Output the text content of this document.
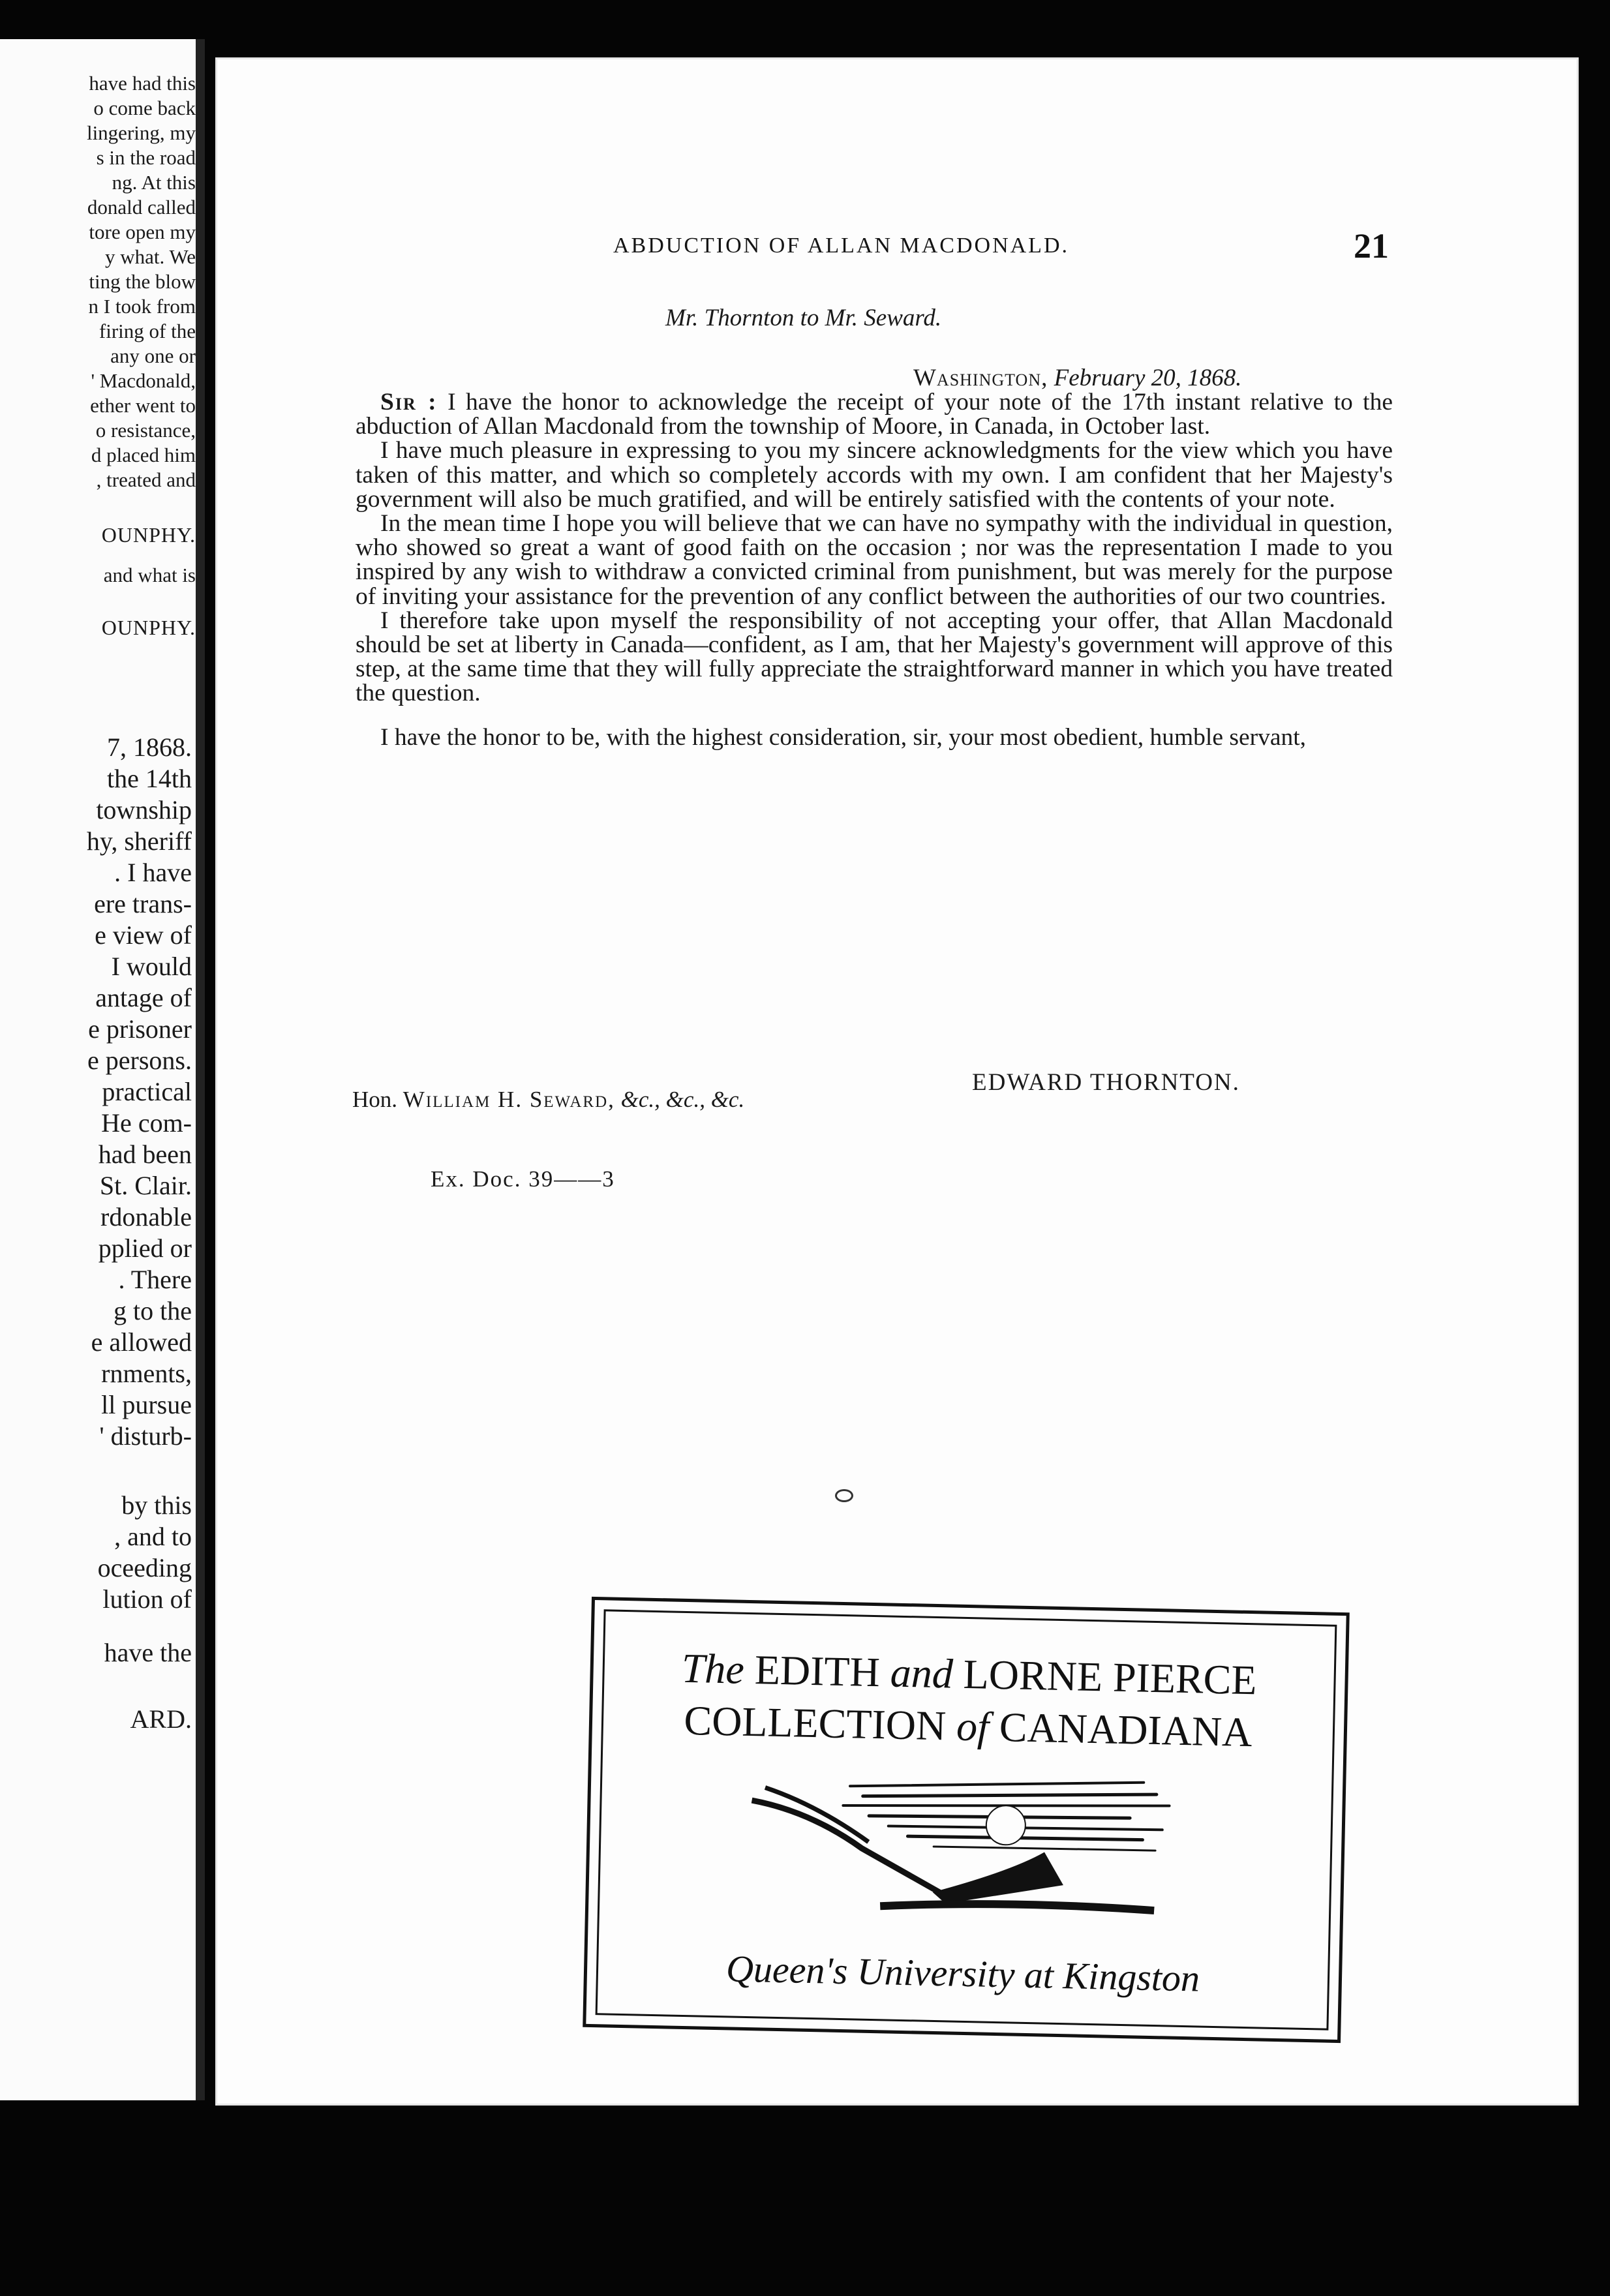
have had this
o come back
lingering, my
s in the road
ng. At this
donald called
tore open my
y what. We
ting the blow
n I took from
firing of the
any one or
' Macdonald,
ether went to
o resistance,
d placed him
, treated and
OUNPHY.
and what is
OUNPHY.
7, 1868.
the 14th
township
hy, sheriff
. I have
ere trans-
e view of
I would
antage of
e prisoner
e persons.
practical
He com-
had been
St. Clair.
rdonable
pplied or
. There
g to the
e allowed
rnments,
ll pursue
' disturb-
by this
, and to
oceeding
lution of
have the
ARD.
ABDUCTION OF ALLAN MACDONALD.	21
Mr. Thornton to Mr. Seward.
Washington, February 20, 1868.

Sir : I have the honor to acknowledge the receipt of your note of the 17th instant relative to the abduction of Allan Macdonald from the township of Moore, in Canada, in October last.

I have much pleasure in expressing to you my sincere acknowledgments for the view which you have taken of this matter, and which so completely accords with my own. I am confident that her Majesty's government will also be much gratified, and will be entirely satisfied with the contents of your note.

In the mean time I hope you will believe that we can have no sympathy with the individual in question, who showed so great a want of good faith on the occasion ; nor was the representation I made to you inspired by any wish to withdraw a convicted criminal from punishment, but was merely for the purpose of inviting your assistance for the prevention of any conflict between the authorities of our two countries.

I therefore take upon myself the responsibility of not accepting your offer, that Allan Macdonald should be set at liberty in Canada—confident, as I am, that her Majesty's government will approve of this step, at the same time that they will fully appreciate the straightforward manner in which you have treated the question.

I have the honor to be, with the highest consideration, sir, your most obedient, humble servant,

EDWARD THORNTON.
Hon. William H. Seward, &c., &c., &c.
Ex. Doc. 39——3
The EDITH and LORNE PIERCE
COLLECTION of CANADIANA
Queen's University at Kingston
